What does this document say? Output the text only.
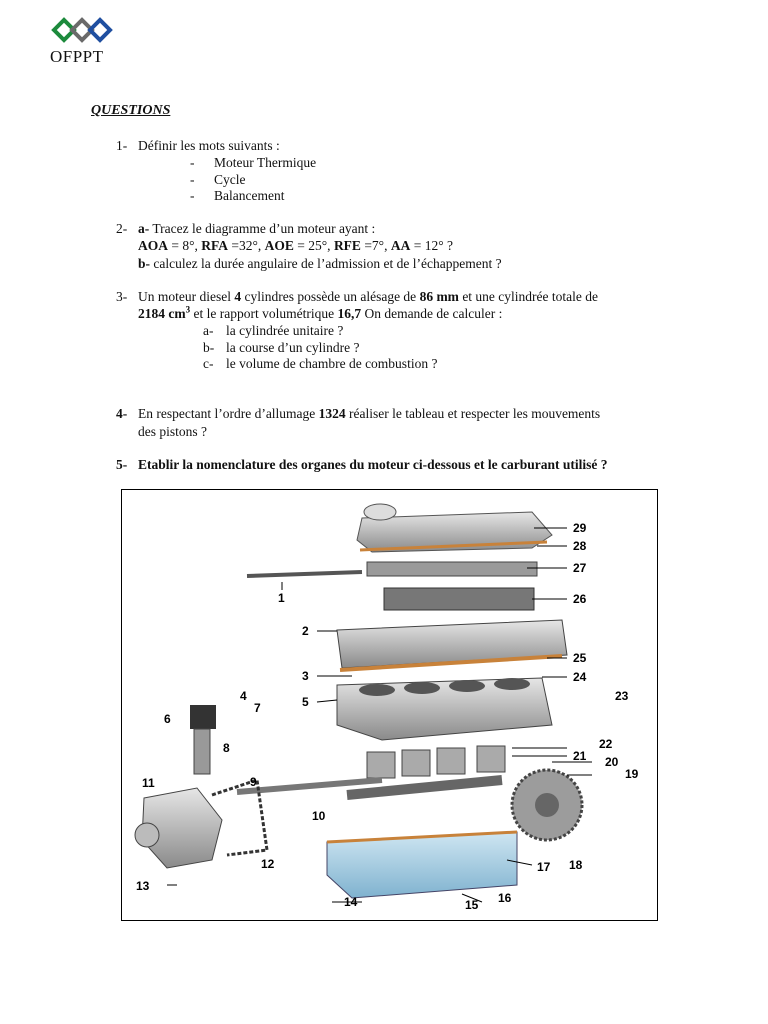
OFPPT
QUESTIONS
1- Définir les mots suivants :
- Moteur Thermique
- Cycle
- Balancement
2- a- Tracez le diagramme d’un moteur ayant :
AOA = 8°, RFA =32°, AOE = 25°, RFE =7°, AA = 12° ?
b- calculez la durée angulaire de l’admission et de l’échappement ?
3- Un moteur diesel 4 cylindres possède un alésage de 86 mm et une cylindrée totale de
2184 $cm^3$ et le rapport volumétrique 16,7 On demande de calculer :
a- la cylindrée unitaire ?
b- la course d’un cylindre ?
c- le volume de chambre de combustion ?
4- En respectant l’ordre d’allumage 1324 réaliser le tableau et respecter les mouvements
des pistons ?
5- Etablir la nomenclature des organes du moteur ci-dessous et le carburant utilisé ?
29
28
27
26
1
2
25
3	24
4	23
5
7
6
8	22
21 20
19
9
11
10
12	17 18
13
16
15
14
